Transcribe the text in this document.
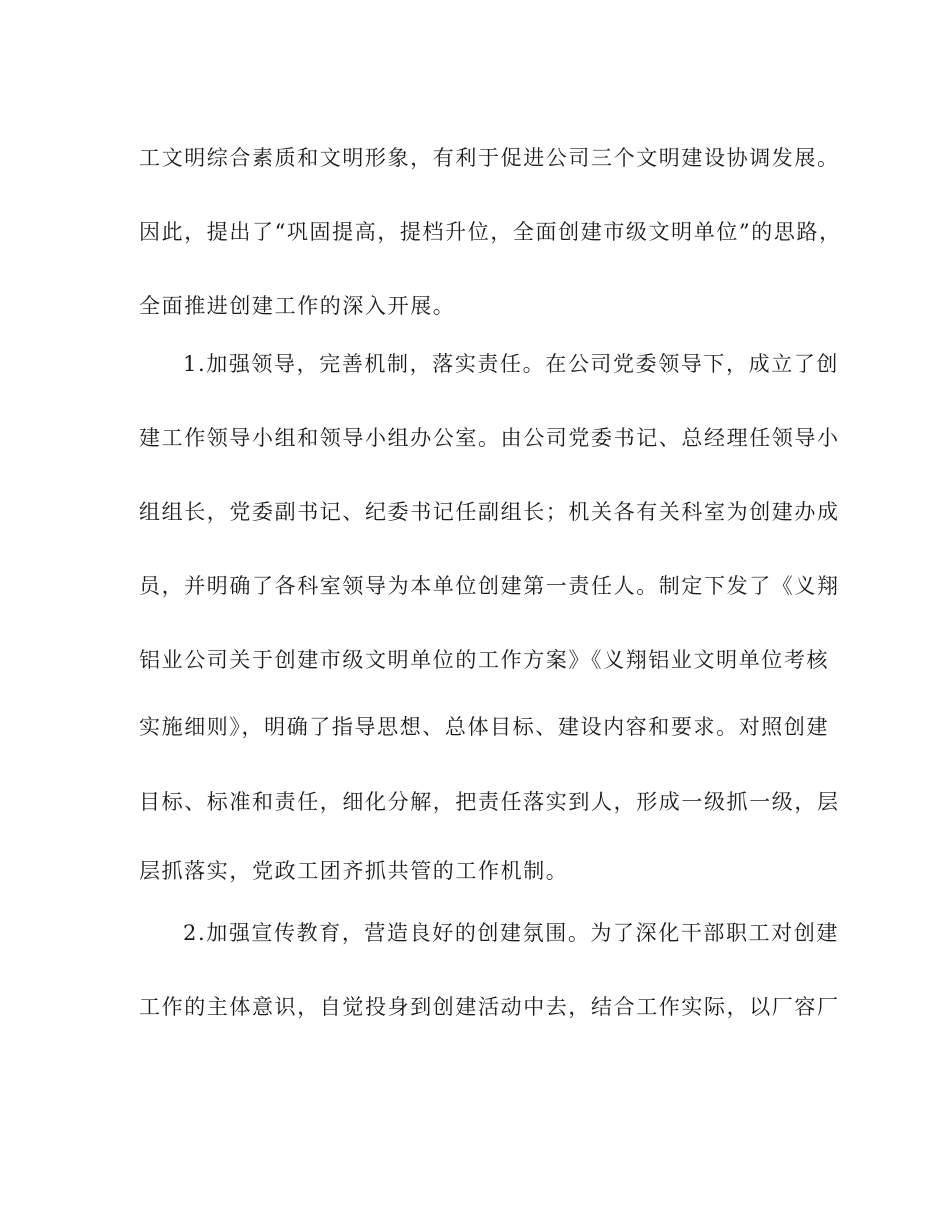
工文明综合素质和文明形象，有利于促进公司三个文明建设协调发展。
因此，提出了“巩固提高，提档升位，全面创建市级文明单位”的思路，
全面推进创建工作的深入开展。
1.加强领导，完善机制，落实责任。在公司党委领导下，成立了创
建工作领导小组和领导小组办公室。由公司党委书记、总经理任领导小
组组长，党委副书记、纪委书记任副组长；机关各有关科室为创建办成
员，并明确了各科室领导为本单位创建第一责任人。制定下发了《义翔
铝业公司关于创建市级文明单位的工作方案》《义翔铝业文明单位考核
实施细则》，明确了指导思想、总体目标、建设内容和要求。对照创建
目标、标准和责任，细化分解，把责任落实到人，形成一级抓一级，层
层抓落实，党政工团齐抓共管的工作机制。
2.加强宣传教育，营造良好的创建氛围。为了深化干部职工对创建
工作的主体意识，自觉投身到创建活动中去，结合工作实际，以厂容厂
